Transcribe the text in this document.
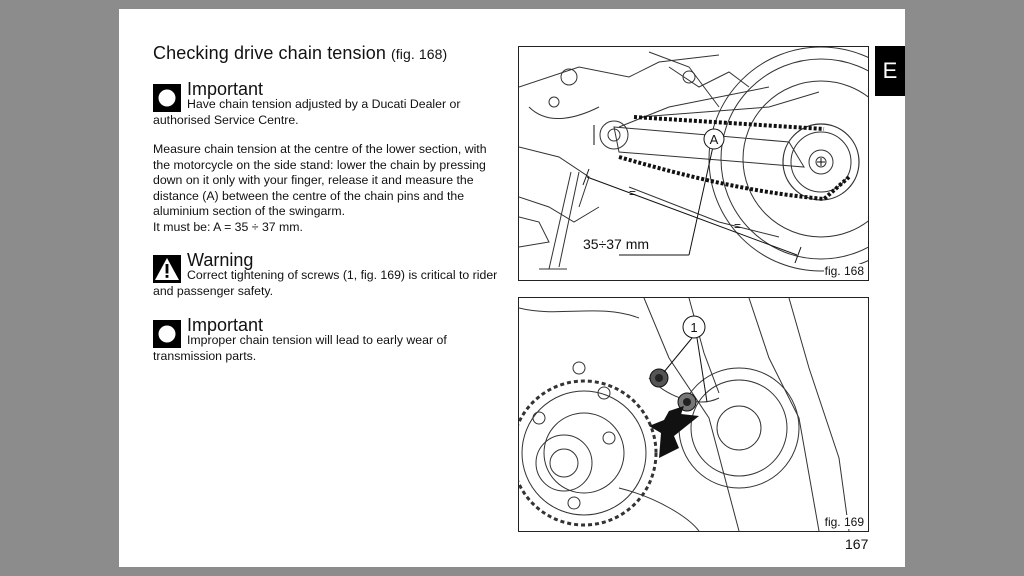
Checking drive chain tension (fig. 168)
Important

Have chain tension adjusted by a Ducati Dealer or authorised Service Centre.

Measure chain tension at the centre of the lower section, with the motorcycle on the side stand: lower the chain by pressing down on it only with your finger, release it and measure the distance (A) between the centre of the chain pins and the aluminium section of the swingarm.

It must be: A = 35 ÷ 37 mm.

Warning

Correct tightening of screws (1, fig. 169) is critical to rider and passenger safety.

Important

Improper chain tension will lead to early wear of transmission parts.

E
A
=
=
35÷37 mm
fig. 168
1
fig. 169
167
